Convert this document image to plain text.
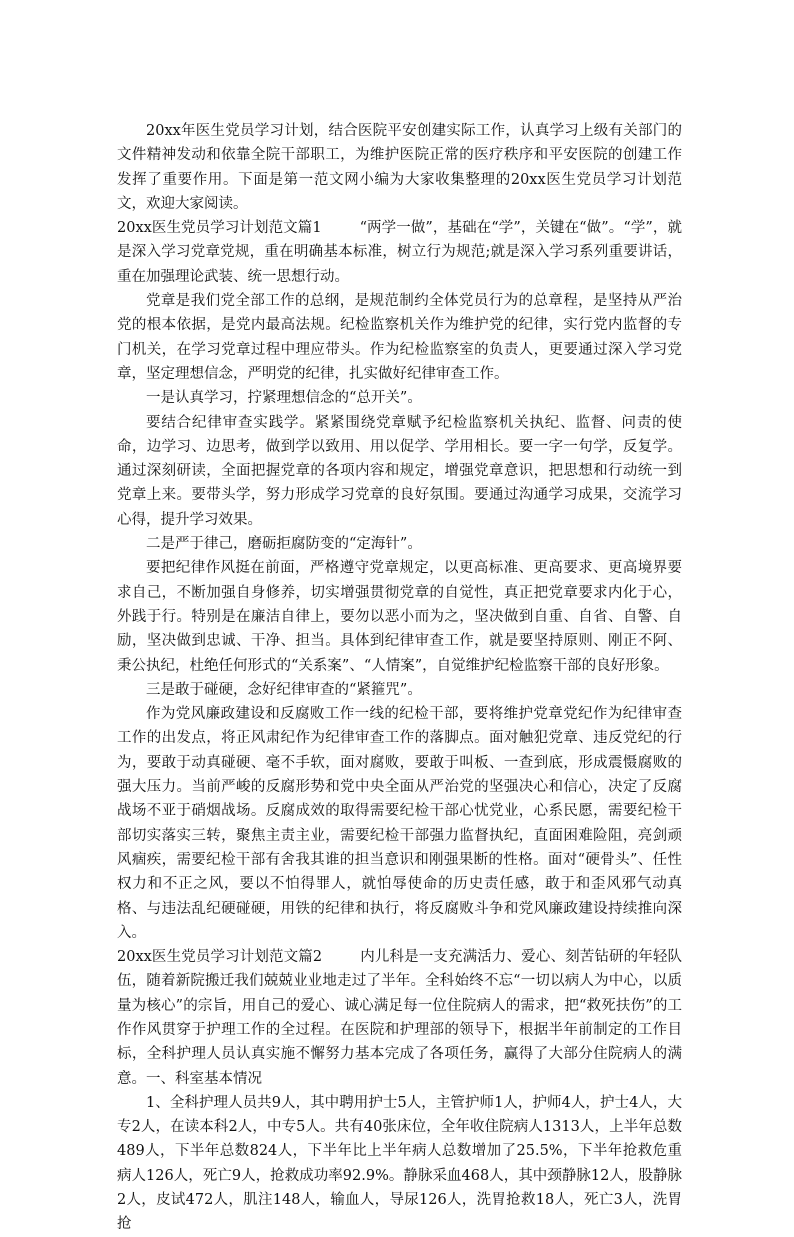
20xx年医生党员学习计划，结合医院平安创建实际工作，认真学习上级有关部门的文件精神发动和依靠全院干部职工，为维护医院正常的医疗秩序和平安医院的创建工作发挥了重要作用。下面是第一范文网小编为大家收集整理的20xx医生党员学习计划范文，欢迎大家阅读。

20xx医生党员学习计划范文篇1	“两学一做”，基础在“学”，关键在“做”。“学”，就是深入学习党章党规，重在明确基本标准，树立行为规范;就是深入学习系列重要讲话，重在加强理论武装、统一思想行动。

党章是我们党全部工作的总纲，是规范制约全体党员行为的总章程，是坚持从严治党的根本依据，是党内最高法规。纪检监察机关作为维护党的纪律，实行党内监督的专门机关，在学习党章过程中理应带头。作为纪检监察室的负责人，更要通过深入学习党章，坚定理想信念，严明党的纪律，扎实做好纪律审查工作。

一是认真学习，拧紧理想信念的“总开关”。

要结合纪律审查实践学。紧紧围绕党章赋予纪检监察机关执纪、监督、问责的使命，边学习、边思考，做到学以致用、用以促学、学用相长。要一字一句学，反复学。通过深刻研读，全面把握党章的各项内容和规定，增强党章意识，把思想和行动统一到党章上来。要带头学，努力形成学习党章的良好氛围。要通过沟通学习成果，交流学习心得，提升学习效果。

二是严于律己，磨砺拒腐防变的“定海针”。

要把纪律作风挺在前面，严格遵守党章规定，以更高标准、更高要求、更高境界要求自己，不断加强自身修养，切实增强贯彻党章的自觉性，真正把党章要求内化于心，外践于行。特别是在廉洁自律上，要勿以恶小而为之，坚决做到自重、自省、自警、自励，坚决做到忠诚、干净、担当。具体到纪律审查工作，就是要坚持原则、刚正不阿、秉公执纪，杜绝任何形式的“关系案”、“人情案”，自觉维护纪检监察干部的良好形象。

三是敢于碰硬，念好纪律审查的“紧箍咒”。

作为党风廉政建设和反腐败工作一线的纪检干部，要将维护党章党纪作为纪律审查工作的出发点，将正风肃纪作为纪律审查工作的落脚点。面对触犯党章、违反党纪的行为，要敢于动真碰硬、毫不手软，面对腐败，要敢于叫板、一查到底，形成震慑腐败的强大压力。当前严峻的反腐形势和党中央全面从严治党的坚强决心和信心，决定了反腐战场不亚于硝烟战场。反腐成效的取得需要纪检干部心忧党业，心系民愿，需要纪检干部切实落实三转，聚焦主责主业，需要纪检干部强力监督执纪，直面困难险阻，亮剑顽风痼疾，需要纪检干部有舍我其谁的担当意识和刚强果断的性格。面对“硬骨头”、任性权力和不正之风，要以不怕得罪人，就怕辱使命的历史责任感，敢于和歪风邪气动真格、与违法乱纪硬碰硬，用铁的纪律和执行，将反腐败斗争和党风廉政建设持续推向深入。

20xx医生党员学习计划范文篇2	内儿科是一支充满活力、爱心、刻苦钻研的年轻队伍，随着新院搬迁我们兢兢业业地走过了半年。全科始终不忘“一切以病人为中心，以质量为核心”的宗旨，用自己的爱心、诚心满足每一位住院病人的需求，把“救死扶伤”的工作作风贯穿于护理工作的全过程。在医院和护理部的领导下，根据半年前制定的工作目标，全科护理人员认真实施不懈努力基本完成了各项任务，赢得了大部分住院病人的满意。一、科室基本情况

1、全科护理人员共9人，其中聘用护士5人，主管护师1人，护师4人，护士4人，大专2人，在读本科2人，中专5人。共有40张床位，全年收住院病人1313人，上半年总数489人，下半年总数824人，下半年比上半年病人总数增加了25.5%，下半年抢救危重病人126人，死亡9人，抢救成功率92.9%。静脉采血468人，其中颈静脉12人，股静脉2人，皮试472人，肌注148人，输血人，导尿126人，洗胃抢救18人，死亡3人，洗胃抢
